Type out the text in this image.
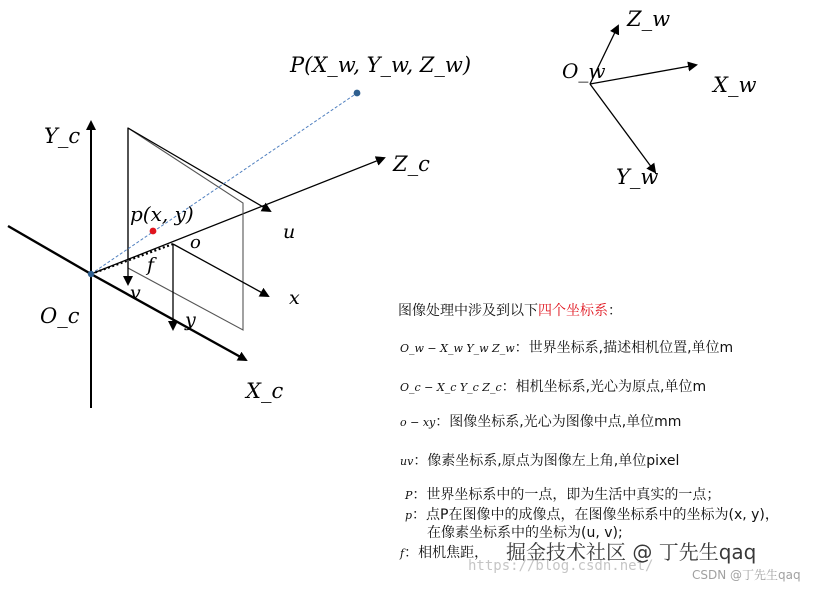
P(X_w, Y_w, Z_w)
p(x, y)
o
f
u
v	x
y
O_c
X_c
Y_c
Z_c
O_w
X_w
Y_w
Z_w
图像处理中涉及到以下四个坐标系：
O_w − X_w Y_w Z_w：世界坐标系,描述相机位置,单位m
O_c − X_c Y_c Z_c：相机坐标系,光心为原点,单位m
o − xy：图像坐标系,光心为图像中点,单位mm
uv：像素坐标系,原点为图像左上角,单位pixel
P：世界坐标系中的一点，即为生活中真实的一点；
p：点P在图像中的成像点，在图像坐标系中的坐标为(x, y)，
在像素坐标系中的坐标为(u, v);
f：相机焦距，
https://blog.csdn.net/
掘金技术社区 @ 丁先生qaq
CSDN @丁先生qaq
